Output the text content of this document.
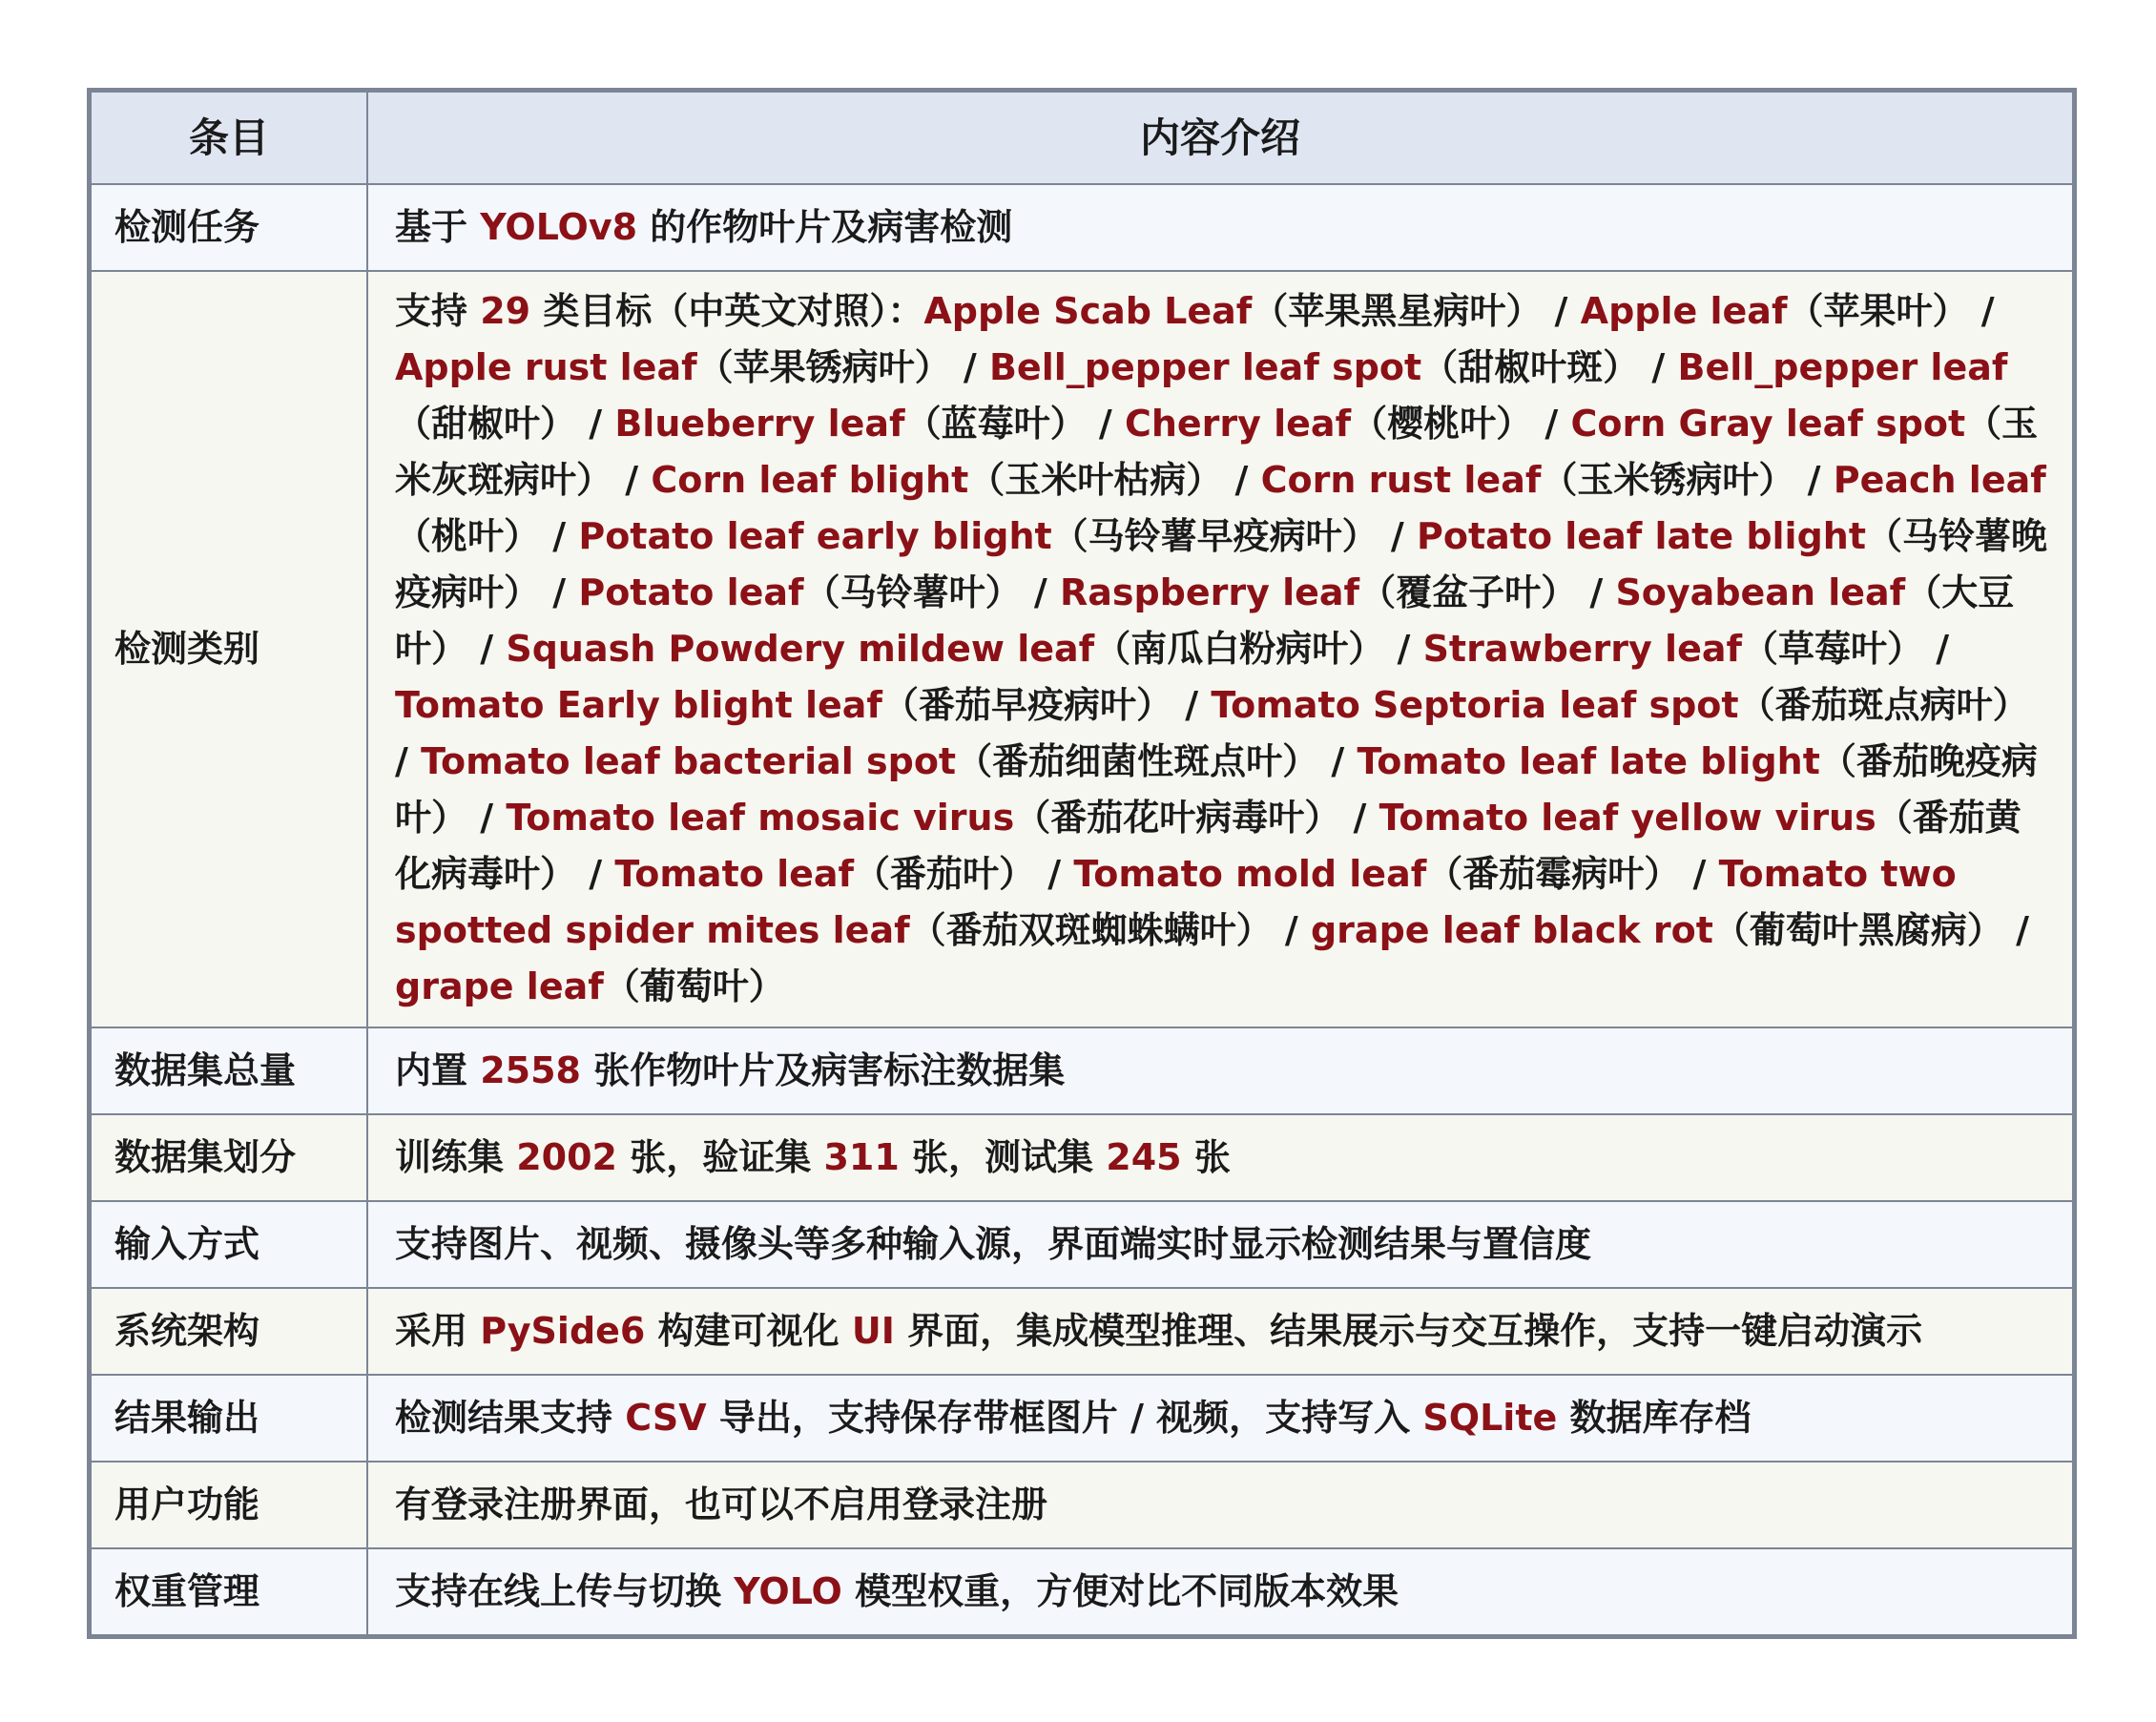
条目	内容介绍
检测任务	基于 YOLOv8 的作物叶片及病害检测
检测类别	支持 29 类目标（中英文对照）：Apple Scab Leaf（苹果黑星病叶） / Apple leaf（苹果叶） / Apple rust leaf（苹果锈病叶） / Bell_pepper leaf spot（甜椒叶斑） / Bell_pepper leaf（甜椒叶） / Blueberry leaf（蓝莓叶） / Cherry leaf（樱桃叶） / Corn Gray leaf spot（玉米灰斑病叶） / Corn leaf blight（玉米叶枯病） / Corn rust leaf（玉米锈病叶） / Peach leaf（桃叶） / Potato leaf early blight（马铃薯早疫病叶） / Potato leaf late blight（马铃薯晚疫病叶） / Potato leaf（马铃薯叶） / Raspberry leaf（覆盆子叶） / Soyabean leaf（大豆叶） / Squash Powdery mildew leaf（南瓜白粉病叶） / Strawberry leaf（草莓叶） / Tomato Early blight leaf（番茄早疫病叶） / Tomato Septoria leaf spot（番茄斑点病叶） / Tomato leaf bacterial spot（番茄细菌性斑点叶） / Tomato leaf late blight（番茄晚疫病叶） / Tomato leaf mosaic virus（番茄花叶病毒叶） / Tomato leaf yellow virus（番茄黄化病毒叶） / Tomato leaf（番茄叶） / Tomato mold leaf（番茄霉病叶） / Tomato two spotted spider mites leaf（番茄双斑蜘蛛螨叶） / grape leaf black rot（葡萄叶黑腐病） / grape leaf（葡萄叶）
数据集总量	内置 2558 张作物叶片及病害标注数据集
数据集划分	训练集 2002 张，验证集 311 张，测试集 245 张
输入方式	支持图片、视频、摄像头等多种输入源，界面端实时显示检测结果与置信度
系统架构	采用 PySide6 构建可视化 UI 界面，集成模型推理、结果展示与交互操作，支持一键启动演示
结果输出	检测结果支持 CSV 导出，支持保存带框图片 / 视频，支持写入 SQLite 数据库存档
用户功能	有登录注册界面，也可以不启用登录注册
权重管理	支持在线上传与切换 YOLO 模型权重，方便对比不同版本效果
